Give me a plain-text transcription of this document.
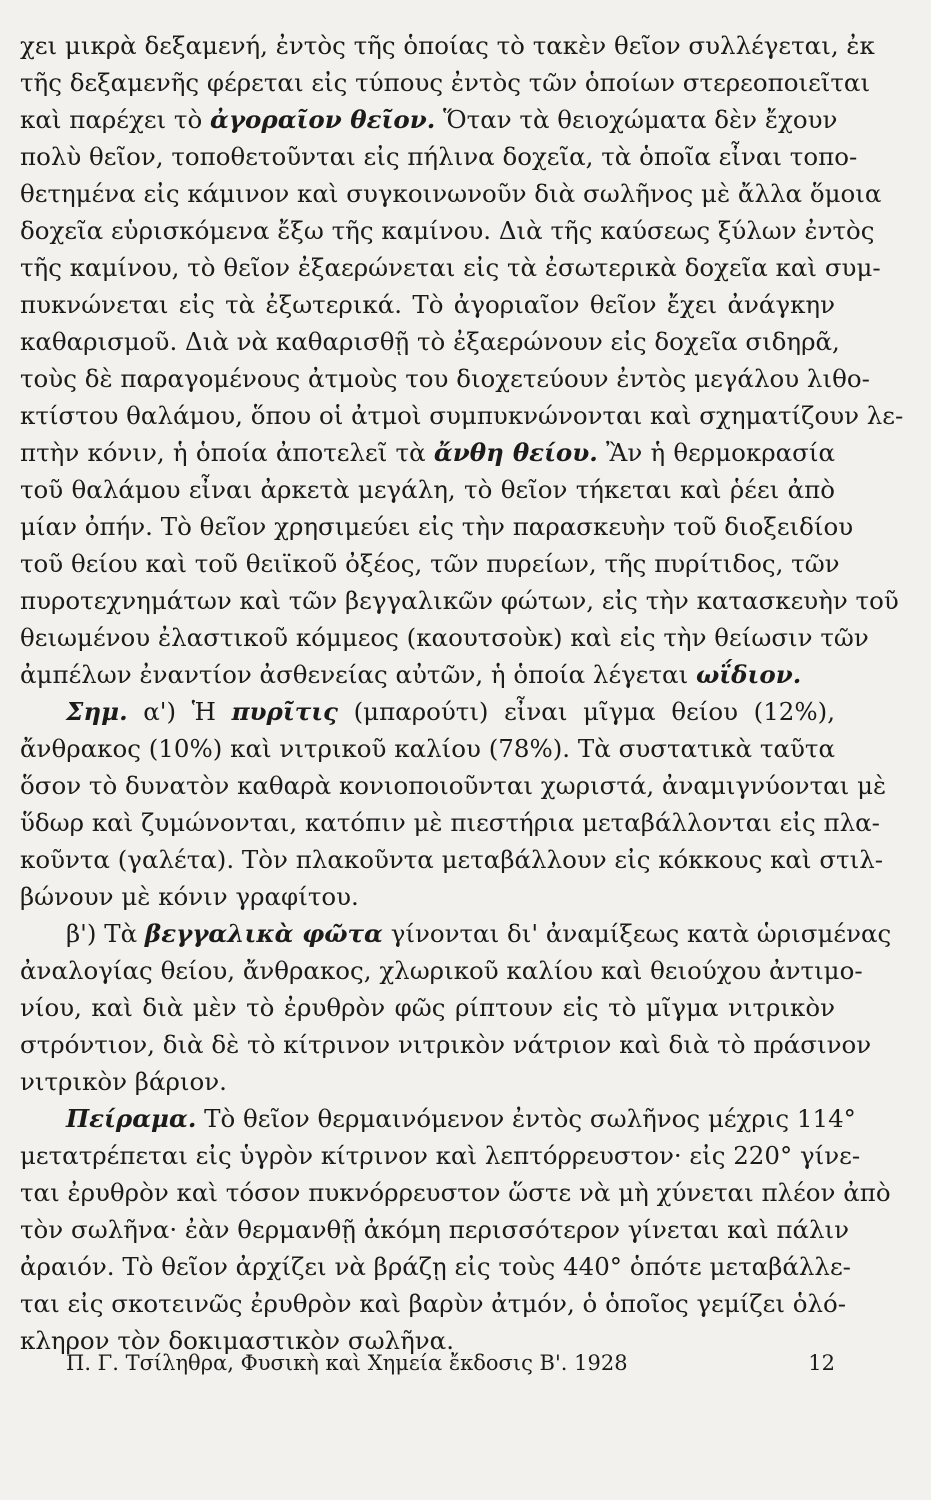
χει μικρὰ δεξαμενή, ἐντὸς τῆς ὁποίας τὸ τακὲν θεῖον συλλέγεται, ἐκ
τῆς δεξαμενῆς φέρεται εἰς τύπους ἐντὸς τῶν ὁποίων στερεοποιεῖται
καὶ παρέχει τὸ ἀγοραῖον θεῖον. Ὅταν τὰ θειοχώματα δὲν ἔχουν
πολὺ θεῖον, τοποθετοῦνται εἰς πήλινα δοχεῖα, τὰ ὁποῖα εἶναι τοπο-
θετημένα εἰς κάμινον καὶ συγκοινωνοῦν διὰ σωλῆνος μὲ ἄλλα ὅμοια
δοχεῖα εὑρισκόμενα ἔξω τῆς καμίνου. Διὰ τῆς καύσεως ξύλων ἐντὸς
τῆς καμίνου, τὸ θεῖον ἐξαερώνεται εἰς τὰ ἐσωτερικὰ δοχεῖα καὶ συμ-
πυκνώνεται εἰς τὰ ἐξωτερικά. Τὸ ἀγοριαῖον θεῖον ἔχει ἀνάγκην
καθαρισμοῦ. Διὰ νὰ καθαρισθῇ τὸ ἐξαερώνουν εἰς δοχεῖα σιδηρᾶ,
τοὺς δὲ παραγομένους ἀτμοὺς του διοχετεύουν ἐντὸς μεγάλου λιθο-
κτίστου θαλάμου, ὅπου οἱ ἀτμοὶ συμπυκνώνονται καὶ σχηματίζουν λε-
πτὴν κόνιν, ἡ ὁποία ἀποτελεῖ τὰ ἄνθη θείου. Ἂν ἡ θερμοκρασία
τοῦ θαλάμου εἶναι ἀρκετὰ μεγάλη, τὸ θεῖον τήκεται καὶ ῥέει ἀπὸ
μίαν ὀπήν. Τὸ θεῖον χρησιμεύει εἰς τὴν παρασκευὴν τοῦ διοξειδίου
τοῦ θείου καὶ τοῦ θειϊκοῦ ὀξέος, τῶν πυρείων, τῆς πυρίτιδος, τῶν
πυροτεχνημάτων καὶ τῶν βεγγαλικῶν φώτων, εἰς τὴν κατασκευὴν τοῦ
θειωμένου ἐλαστικοῦ κόμμεος (καουτσοὺκ) καὶ εἰς τὴν θείωσιν τῶν
ἀμπέλων ἐναντίον ἀσθενείας αὐτῶν, ἡ ὁποία λέγεται ωΐδιον.
Σημ. α') Ἡ πυρῖτις (μπαρούτι) εἶναι μῖγμα θείου (12%),
ἄνθρακος (10%) καὶ νιτρικοῦ καλίου (78%). Τὰ συστατικὰ ταῦτα
ὅσον τὸ δυνατὸν καθαρὰ κονιοποιοῦνται χωριστά, ἀναμιγνύονται μὲ
ὕδωρ καὶ ζυμώνονται, κατόπιν μὲ πιεστήρια μεταβάλλονται εἰς πλα-
κοῦντα (γαλέτα). Τὸν πλακοῦντα μεταβάλλουν εἰς κόκκους καὶ στιλ-
βώνουν μὲ κόνιν γραφίτου.
β') Τὰ βεγγαλικὰ φῶτα γίνονται δι' ἀναμίξεως κατὰ ὡρισμένας
ἀναλογίας θείου, ἄνθρακος, χλωρικοῦ καλίου καὶ θειούχου ἀντιμο-
νίου, καὶ διὰ μὲν τὸ ἐρυθρὸν φῶς ρίπτουν εἰς τὸ μῖγμα νιτρικὸν
στρόντιον, διὰ δὲ τὸ κίτρινον νιτρικὸν νάτριον καὶ διὰ τὸ πράσινον
νιτρικὸν βάριον.
Πείραμα. Τὸ θεῖον θερμαινόμενον ἐντὸς σωλῆνος μέχρις 114°
μετατρέπεται εἰς ὑγρὸν κίτρινον καὶ λεπτόρρευστον· εἰς 220° γίνε-
ται ἐρυθρὸν καὶ τόσον πυκνόρρευστον ὥστε νὰ μὴ χύνεται πλέον ἀπὸ
τὸν σωλῆνα· ἐὰν θερμανθῇ ἀκόμη περισσότερον γίνεται καὶ πάλιν
ἀραιόν. Τὸ θεῖον ἀρχίζει νὰ βράζῃ εἰς τοὺς 440° ὁπότε μεταβάλλε-
ται εἰς σκοτεινῶς ἐρυθρὸν καὶ βαρὺν ἀτμόν, ὁ ὁποῖος γεμίζει ὁλό-
κληρον τὸν δοκιμαστικὸν σωλῆνα.
Π. Γ. Τσίληθρα, Φυσικὴ καὶ Χημεία ἔκδοσις Β'. 1928	12
